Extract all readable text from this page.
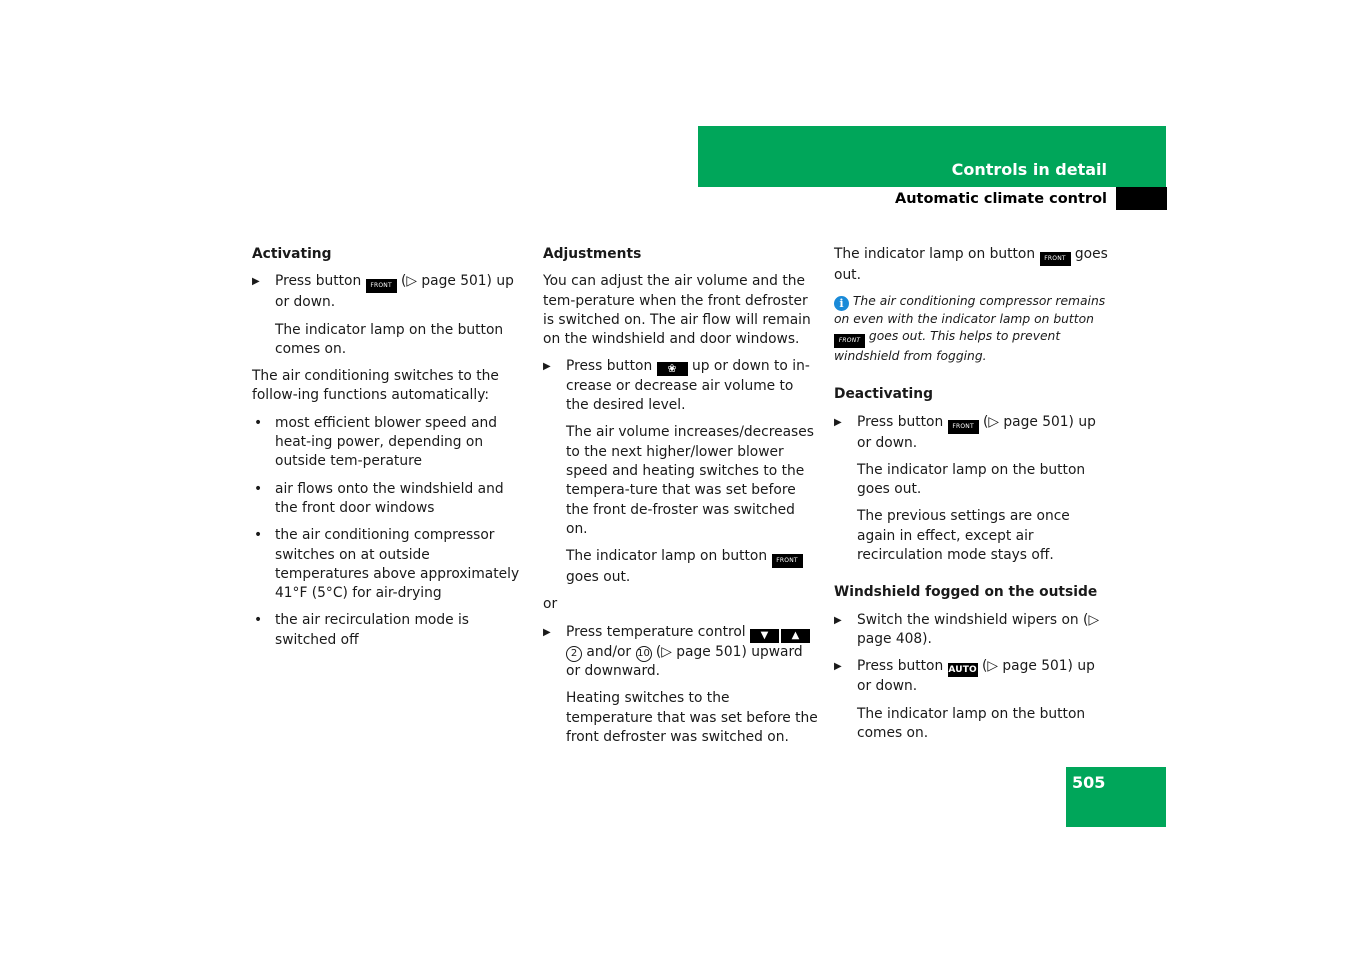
Controls in detail
Automatic climate control
Activating
▶ Press button FRONT (▷ page 501) up or down.
The indicator lamp on the button comes on.
The air conditioning switches to the follow-ing functions automatically:
• most efficient blower speed and heat-ing power, depending on outside tem-perature
• air flows onto the windshield and the front door windows
• the air conditioning compressor switches on at outside temperatures above approximately 41°F (5°C) for air-drying
• the air recirculation mode is switched off
Adjustments
You can adjust the air volume and the tem-perature when the front defroster is switched on. The air flow will remain on the windshield and door windows.
▶ Press button ❀ up or down to in-crease or decrease air volume to the desired level.
The air volume increases/decreases to the next higher/lower blower speed and heating switches to the tempera-ture that was set before the front de-froster was switched on.
The indicator lamp on button FRONT goes out.
or
▶ Press temperature control ▼ ▲ 2 and/or 10 (▷ page 501) upward or downward.
Heating switches to the temperature that was set before the front defroster was switched on.
The indicator lamp on button FRONT goes out.
i The air conditioning compressor remains on even with the indicator lamp on button FRONT goes out. This helps to prevent windshield from fogging.
Deactivating
▶ Press button FRONT (▷ page 501) up or down.
The indicator lamp on the button goes out.
The previous settings are once again in effect, except air recirculation mode stays off.
Windshield fogged on the outside
▶ Switch the windshield wipers on (▷ page 408).
▶ Press button AUTO (▷ page 501) up or down.
The indicator lamp on the button comes on.
505
